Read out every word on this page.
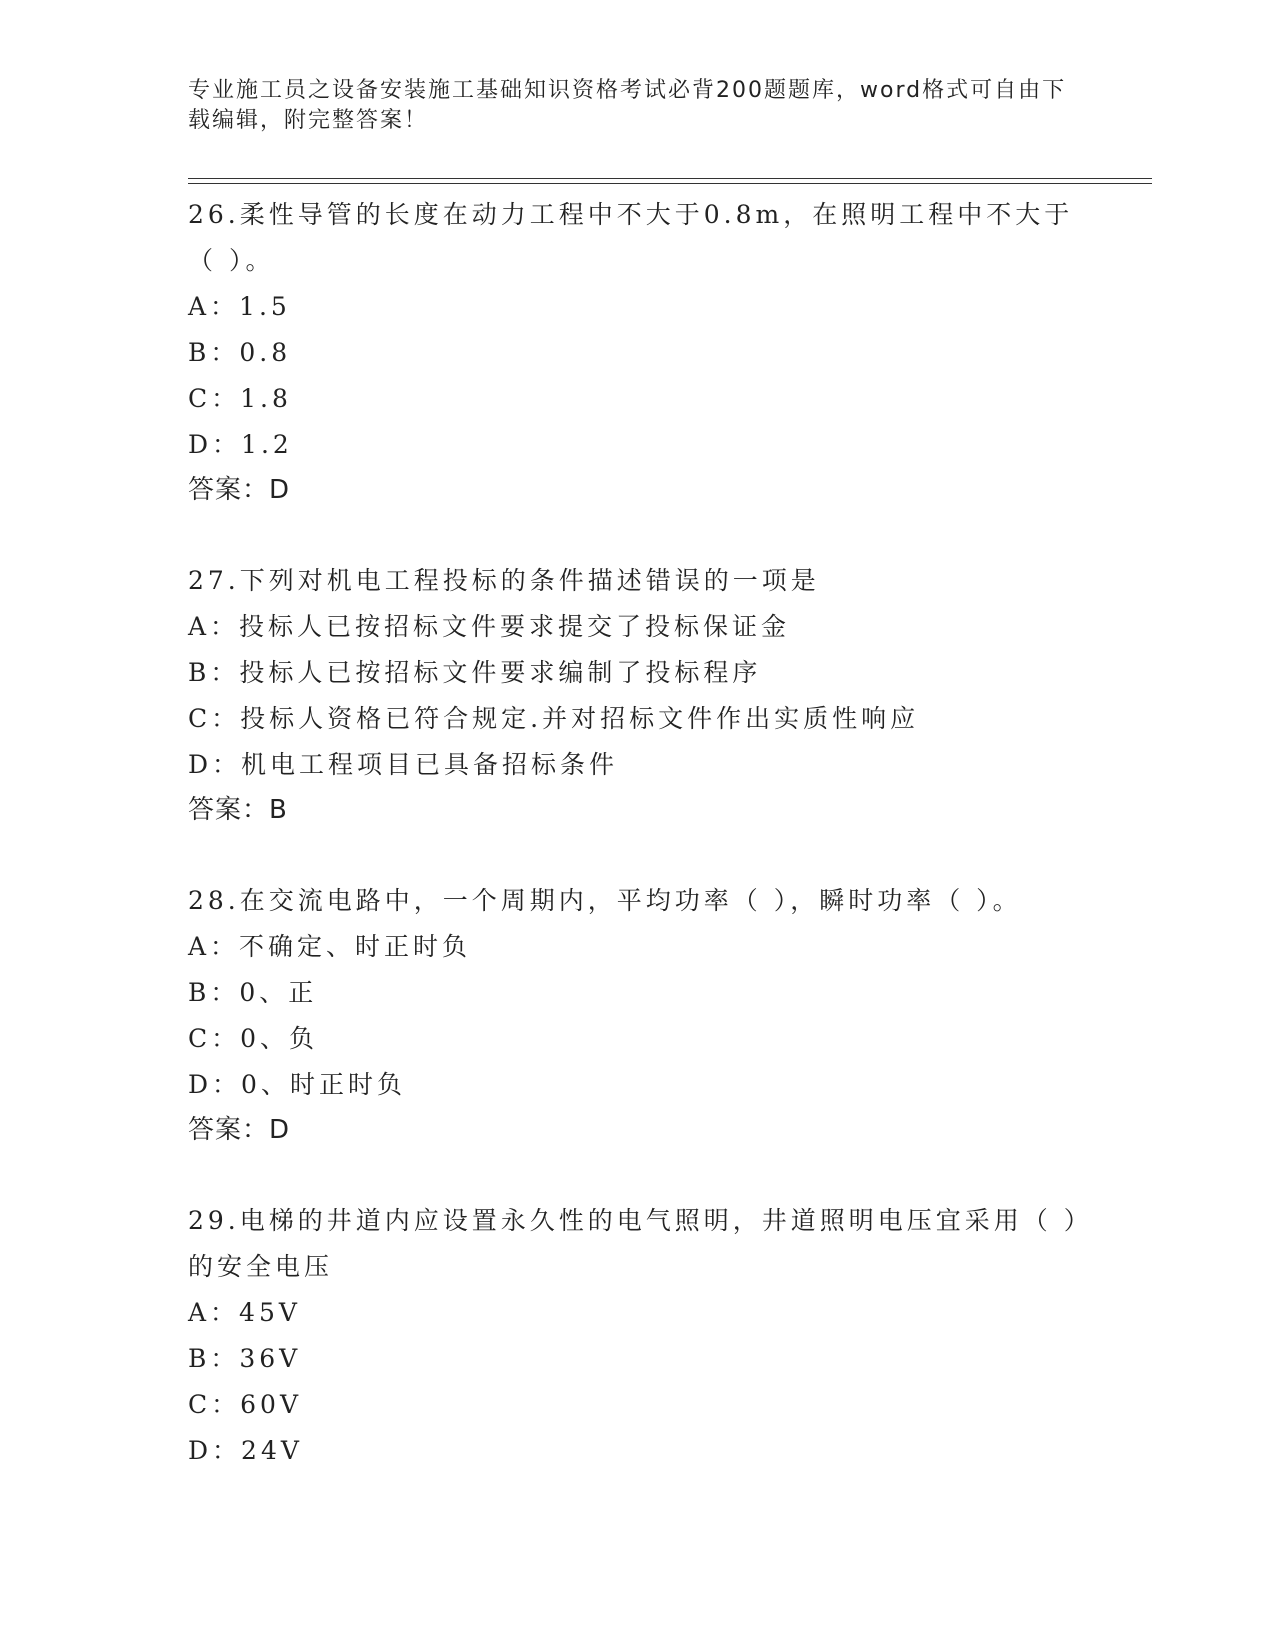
专业施工员之设备安装施工基础知识资格考试必背200题题库，word格式可自由下载编辑，附完整答案！
26.柔性导管的长度在动力工程中不大于0.8m，在照明工程中不大于（ ）。
A：1.5
B：0.8
C：1.8
D：1.2
答案：D
27.下列对机电工程投标的条件描述错误的一项是
A：投标人已按招标文件要求提交了投标保证金
B：投标人已按招标文件要求编制了投标程序
C：投标人资格已符合规定.并对招标文件作出实质性响应
D：机电工程项目已具备招标条件
答案：B
28.在交流电路中，一个周期内，平均功率（ ），瞬时功率（ ）。
A：不确定、时正时负
B：0、正
C：0、负
D：0、时正时负
答案：D
29.电梯的井道内应设置永久性的电气照明，井道照明电压宜采用（ ）的安全电压
A：45V
B：36V
C：60V
D：24V
